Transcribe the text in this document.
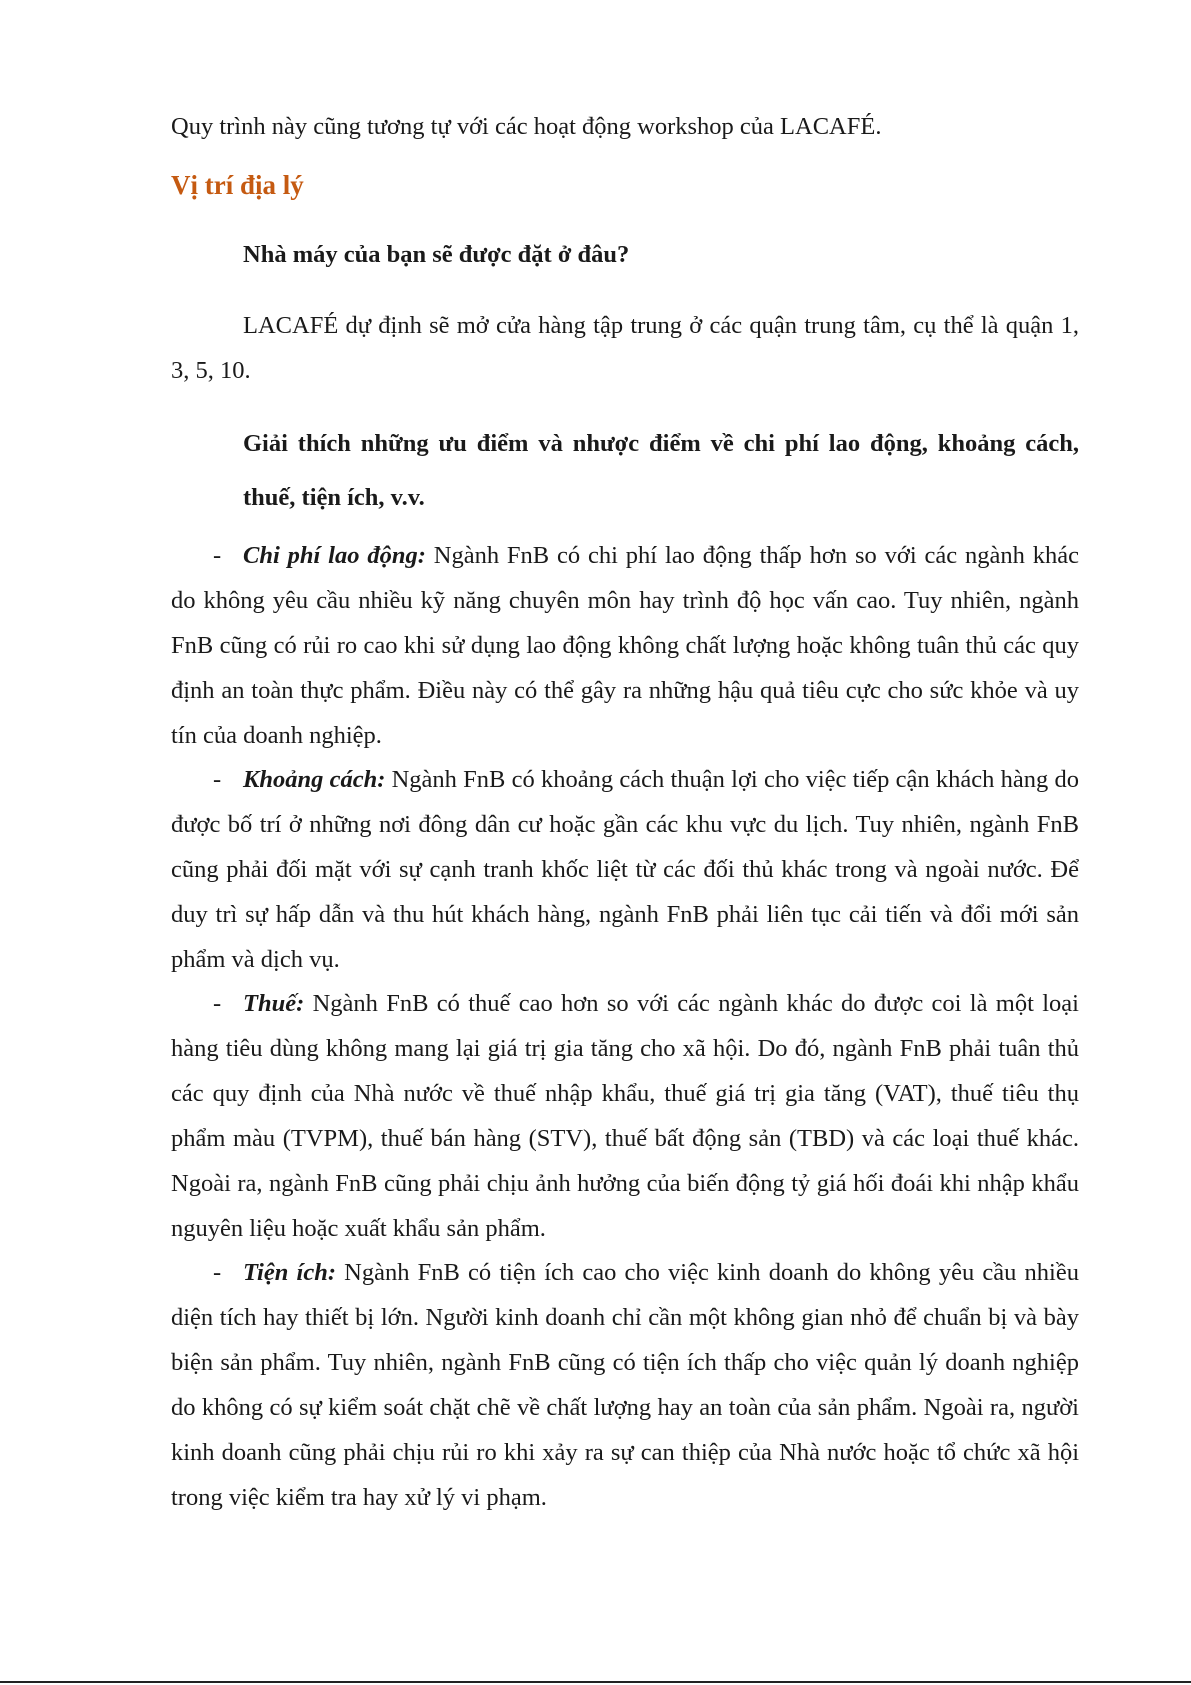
Quy trình này cũng tương tự với các hoạt động workshop của LACAFÉ.

Vị trí địa lý

Nhà máy của bạn sẽ được đặt ở đâu?

LACAFÉ dự định sẽ mở cửa hàng tập trung ở các quận trung tâm, cụ thể là quận 1, 3, 5, 10.

Giải thích những ưu điểm và nhược điểm về chi phí lao động, khoảng cách, thuế, tiện ích, v.v.

- Chi phí lao động: Ngành FnB có chi phí lao động thấp hơn so với các ngành khác do không yêu cầu nhiều kỹ năng chuyên môn hay trình độ học vấn cao. Tuy nhiên, ngành FnB cũng có rủi ro cao khi sử dụng lao động không chất lượng hoặc không tuân thủ các quy định an toàn thực phẩm. Điều này có thể gây ra những hậu quả tiêu cực cho sức khỏe và uy tín của doanh nghiệp.
- Khoảng cách: Ngành FnB có khoảng cách thuận lợi cho việc tiếp cận khách hàng do được bố trí ở những nơi đông dân cư hoặc gần các khu vực du lịch. Tuy nhiên, ngành FnB cũng phải đối mặt với sự cạnh tranh khốc liệt từ các đối thủ khác trong và ngoài nước. Để duy trì sự hấp dẫn và thu hút khách hàng, ngành FnB phải liên tục cải tiến và đổi mới sản phẩm và dịch vụ.
- Thuế: Ngành FnB có thuế cao hơn so với các ngành khác do được coi là một loại hàng tiêu dùng không mang lại giá trị gia tăng cho xã hội. Do đó, ngành FnB phải tuân thủ các quy định của Nhà nước về thuế nhập khẩu, thuế giá trị gia tăng (VAT), thuế tiêu thụ phẩm màu (TVPM), thuế bán hàng (STV), thuế bất động sản (TBD) và các loại thuế khác. Ngoài ra, ngành FnB cũng phải chịu ảnh hưởng của biến động tỷ giá hối đoái khi nhập khẩu nguyên liệu hoặc xuất khẩu sản phẩm.
- Tiện ích: Ngành FnB có tiện ích cao cho việc kinh doanh do không yêu cầu nhiều diện tích hay thiết bị lớn. Người kinh doanh chỉ cần một không gian nhỏ để chuẩn bị và bày biện sản phẩm. Tuy nhiên, ngành FnB cũng có tiện ích thấp cho việc quản lý doanh nghiệp do không có sự kiểm soát chặt chẽ về chất lượng hay an toàn của sản phẩm. Ngoài ra, người kinh doanh cũng phải chịu rủi ro khi xảy ra sự can thiệp của Nhà nước hoặc tổ chức xã hội trong việc kiểm tra hay xử lý vi phạm.
